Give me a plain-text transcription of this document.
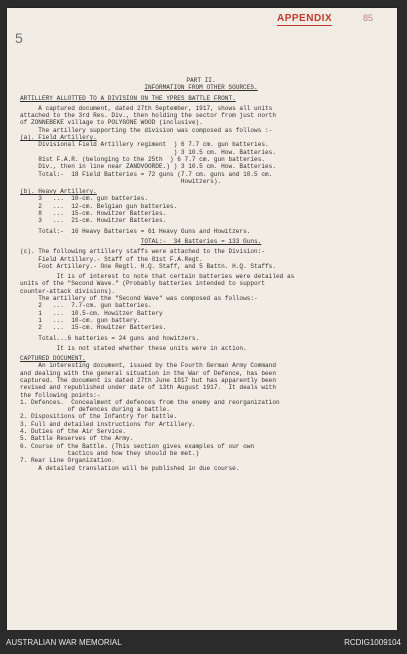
APPENDIX	85
5
PART II.
INFORMATION FROM OTHER SOURCES.
ARTILLERY ALLOTTED TO A DIVISION ON THE YPRES BATTLE FRONT.
A captured document, dated 27th September, 1917, shows all units
attached to the 3rd Res. Div., then holding the sector from just north
of ZONNEBEKE village to POLYGONE WOOD (inclusive).
The artillery supporting the division was composed as follows :-
(a). Field Artillery.
Divisional Field Artillery regiment  ) 6 7.7 cm. gun batteries.
) 3 10.5 cm. How. Batteries.
81st F.A.R. (belonging to the 25th  ) 6 7.7 cm. gun batteries.
Div., then in line near ZANDVOORDE.) ) 3 10.5 cm. How. Batteries.
Total:-  18 Field Batteries = 72 guns (7.7 cm. guns and 10.5 cm.
Howitzers).
(b). Heavy Artillery.
3   ...  10-cm. gun batteries.
2   ...  12-cm. Belgian gun batteries.
8   ...  15-cm. Howitzer Batteries.
3   ...  21-cm. Howitzer Batteries.
Total:-  16 Heavy Batteries = 61 Heavy Guns and Howitzers.
TOTAL:-  34 Batteries = 133 Guns.
(c). The following artillery staffs were attached to the Division:-
Field Artillery.- Staff of the 81st F.A.Regt.
Foot Artillery.- One Regtl. H.Q. Staff, and 5 Battn. H.Q. Staffs.
It is of interest to note that certain batteries were detailed as
units of the "Second Wave." (Probably batteries intended to support
counter-attack divisions).
The artillery of the "Second Wave" was composed as follows:-
2   ...  7.7-cm. gun batteries.
1   ...  10.5-cm. Howitzer Battery
1   ...  10-cm. gun battery.
2   ...  15-cm. Howitzer Batteries.
Total...6 batteries = 24 guns and howitzers.
It is not stated whether these units were in action.
CAPTURED DOCUMENT.
An interesting document, issued by the Fourth German Army Command
and dealing with the general situation in the War of Defence, has been
captured. The document is dated 27th June 1917 but has apparently been
revised and republished under date of 13th August 1917.  It deals with
the following points:-
1. Defences.  Concealment of defences from the enemy and reorganization
of defences during a battle.
2. Dispositions of the Infantry for battle.
3. Full and detailed instructions for Artillery.
4. Duties of the Air Service.
5. Battle Reserves of the Army.
6. Course of the Battle. (This section gives examples of our own
tactics and how they should be met.)
7. Rear Line Organization.
A detailed translation will be published in due course.
AUSTRALIAN WAR MEMORIAL	RCDIG1009104
